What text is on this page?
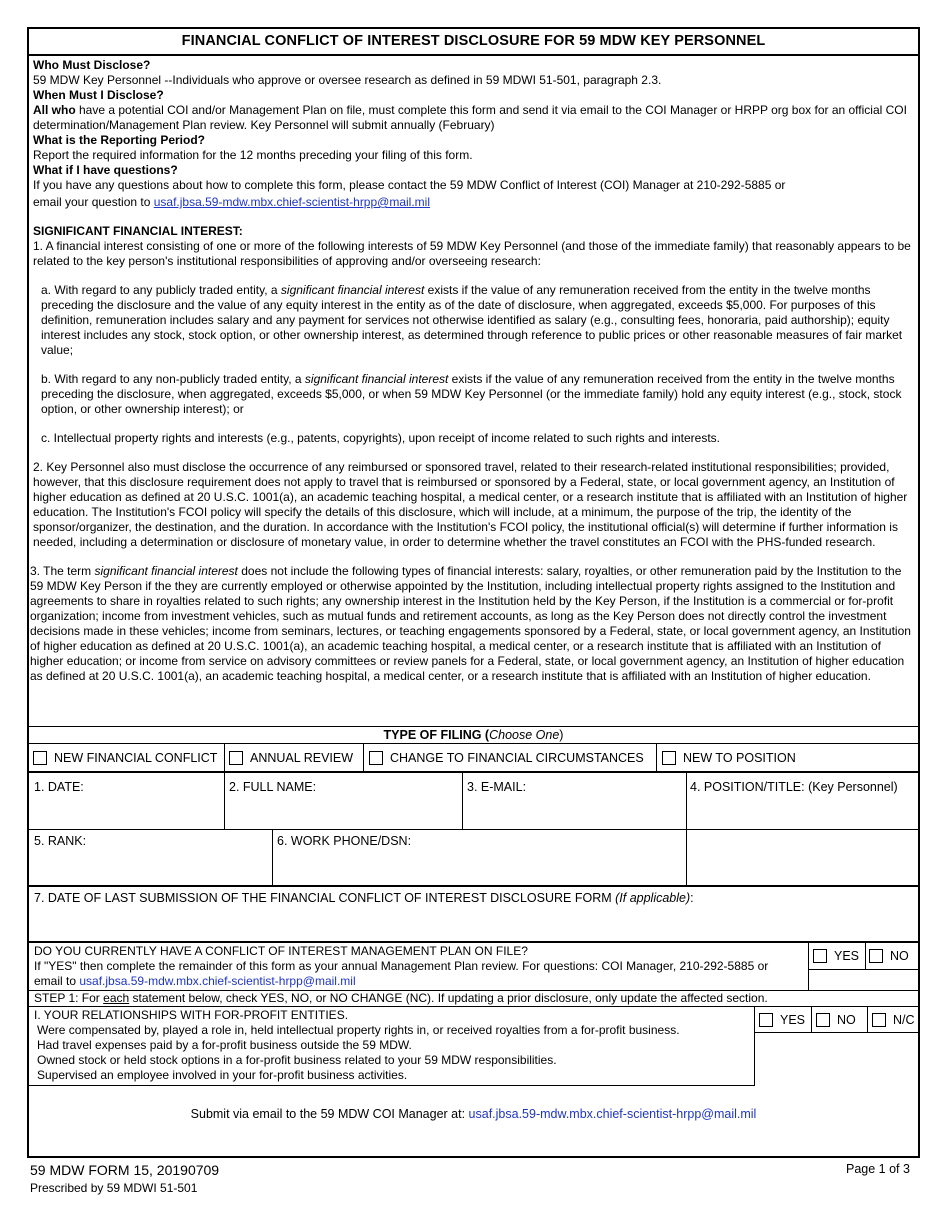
FINANCIAL CONFLICT OF INTEREST DISCLOSURE FOR 59 MDW KEY PERSONNEL

Who Must Disclose?

59 MDW Key Personnel --Individuals who approve or oversee research as defined in 59 MDWI 51-501, paragraph 2.3.

When Must I Disclose?

All who have a potential COI and/or Management Plan on file, must complete this form and send it via email to the COI Manager or HRPP org box for an official COI determination/Management Plan review. Key Personnel will submit annually (February)

What is the Reporting Period?

Report the required information for the 12 months preceding your filing of this form.

What if I have questions?

If you have any questions about how to complete this form, please contact the 59 MDW Conflict of Interest (COI) Manager at 210-292-5885 or

email your question to usaf.jbsa.59-mdw.mbx.chief-scientist-hrpp@mail.mil

SIGNIFICANT FINANCIAL INTEREST:

1. A financial interest consisting of one or more of the following interests of 59 MDW Key Personnel (and those of the immediate family) that reasonably appears to be related to the key person's institutional responsibilities of approving and/or overseeing research:

a. With regard to any publicly traded entity, a significant financial interest exists if the value of any remuneration received from the entity in the twelve months preceding the disclosure and the value of any equity interest in the entity as of the date of disclosure, when aggregated, exceeds $5,000. For purposes of this definition, remuneration includes salary and any payment for services not otherwise identified as salary (e.g., consulting fees, honoraria, paid authorship); equity interest includes any stock, stock option, or other ownership interest, as determined through reference to public prices or other reasonable measures of fair market value;

b. With regard to any non-publicly traded entity, a significant financial interest exists if the value of any remuneration received from the entity in the twelve months preceding the disclosure, when aggregated, exceeds $5,000, or when 59 MDW Key Personnel (or the immediate family) hold any equity interest (e.g., stock, stock option, or other ownership interest); or

c. Intellectual property rights and interests (e.g., patents, copyrights), upon receipt of income related to such rights and interests.

2. Key Personnel also must disclose the occurrence of any reimbursed or sponsored travel, related to their research-related institutional responsibilities; provided, however, that this disclosure requirement does not apply to travel that is reimbursed or sponsored by a Federal, state, or local government agency, an Institution of higher education as defined at 20 U.S.C. 1001(a), an academic teaching hospital, a medical center, or a research institute that is affiliated with an Institution of higher education. The Institution's FCOI policy will specify the details of this disclosure, which will include, at a minimum, the purpose of the trip, the identity of the sponsor/organizer, the destination, and the duration. In accordance with the Institution's FCOI policy, the institutional official(s) will determine if further information is needed, including a determination or disclosure of monetary value, in order to determine whether the travel constitutes an FCOI with the PHS-funded research.

3. The term significant financial interest does not include the following types of financial interests: salary, royalties, or other remuneration paid by the Institution to the 59 MDW Key Person if the they are currently employed or otherwise appointed by the Institution, including intellectual property rights assigned to the Institution and agreements to share in royalties related to such rights; any ownership interest in the Institution held by the Key Person, if the Institution is a commercial or for-profit organization; income from investment vehicles, such as mutual funds and retirement accounts, as long as the Key Person does not directly control the investment decisions made in these vehicles; income from seminars, lectures, or teaching engagements sponsored by a Federal, state, or local government agency, an Institution of higher education as defined at 20 U.S.C. 1001(a), an academic teaching hospital, a medical center, or a research institute that is affiliated with an Institution of higher education; or income from service on advisory committees or review panels for a Federal, state, or local government agency, an Institution of higher education as defined at 20 U.S.C. 1001(a), an academic teaching hospital, a medical center, or a research institute that is affiliated with an Institution of higher education.

TYPE OF FILING (Choose One)
NEW FINANCIAL CONFLICT	ANNUAL REVIEW	CHANGE TO FINANCIAL CIRCUMSTANCES	NEW TO POSITION
1. DATE:	2. FULL NAME:	3. E-MAIL:	4. POSITION/TITLE: (Key Personnel)
5. RANK:	6. WORK PHONE/DSN:
7. DATE OF LAST SUBMISSION OF THE FINANCIAL CONFLICT OF INTEREST DISCLOSURE FORM (If applicable):
DO YOU CURRENTLY HAVE A CONFLICT OF INTEREST MANAGEMENT PLAN ON FILE?
If "YES" then complete the remainder of this form as your annual Management Plan review. For questions: COI Manager, 210-292-5885 or
email to usaf.jbsa.59-mdw.mbx.chief-scientist-hrpp@mail.mil
YES NO
STEP 1: For each statement below, check YES, NO, or NO CHANGE (NC). If updating a prior disclosure, only update the affected section.
I. YOUR RELATIONSHIPS WITH FOR-PROFIT ENTITIES.
Were compensated by, played a role in, held intellectual property rights in, or received royalties from a for-profit business.
Had travel expenses paid by a for-profit business outside the 59 MDW.
Owned stock or held stock options in a for-profit business related to your 59 MDW responsibilities.
Supervised an employee involved in your for-profit business activities.
YES	NO	N/C
Submit via email to the 59 MDW COI Manager at: usaf.jbsa.59-mdw.mbx.chief-scientist-hrpp@mail.mil
59 MDW FORM 15, 20190709
Prescribed by 59 MDWI 51-501
Page 1 of 3
